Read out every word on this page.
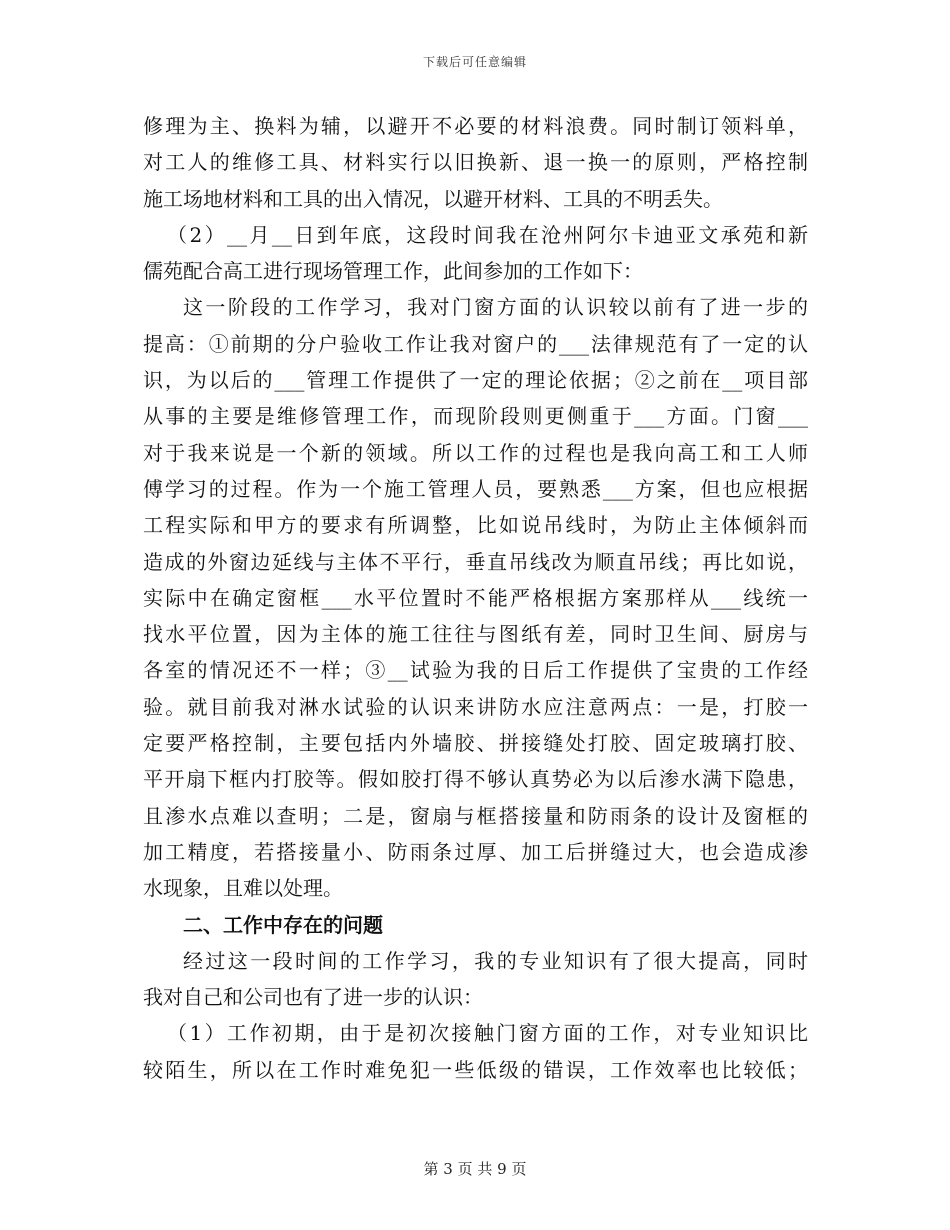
下载后可任意编辑
修理为主、换料为辅，以避开不必要的材料浪费。同时制订领料单，
对工人的维修工具、材料实行以旧换新、退一换一的原则，严格控制
施工场地材料和工具的出入情况，以避开材料、工具的不明丢失。
（2）__月__日到年底，这段时间我在沧州阿尔卡迪亚文承苑和新
儒苑配合高工进行现场管理工作，此间参加的工作如下：
这一阶段的工作学习，我对门窗方面的认识较以前有了进一步的
提高：①前期的分户验收工作让我对窗户的___法律规范有了一定的认
识，为以后的___管理工作提供了一定的理论依据；②之前在__项目部
从事的主要是维修管理工作，而现阶段则更侧重于___方面。门窗___
对于我来说是一个新的领域。所以工作的过程也是我向高工和工人师
傅学习的过程。作为一个施工管理人员，要熟悉___方案，但也应根据
工程实际和甲方的要求有所调整，比如说吊线时，为防止主体倾斜而
造成的外窗边延线与主体不平行，垂直吊线改为顺直吊线；再比如说，
实际中在确定窗框___水平位置时不能严格根据方案那样从___线统一
找水平位置，因为主体的施工往往与图纸有差，同时卫生间、厨房与
各室的情况还不一样；③__试验为我的日后工作提供了宝贵的工作经
验。就目前我对淋水试验的认识来讲防水应注意两点：一是，打胶一
定要严格控制，主要包括内外墙胶、拼接缝处打胶、固定玻璃打胶、
平开扇下框内打胶等。假如胶打得不够认真势必为以后渗水满下隐患，
且渗水点难以查明；二是，窗扇与框搭接量和防雨条的设计及窗框的
加工精度，若搭接量小、防雨条过厚、加工后拼缝过大，也会造成渗
水现象，且难以处理。
二、工作中存在的问题
经过这一段时间的工作学习，我的专业知识有了很大提高，同时
我对自己和公司也有了进一步的认识：
（1）工作初期，由于是初次接触门窗方面的工作，对专业知识比
较陌生，所以在工作时难免犯一些低级的错误，工作效率也比较低；
第 3 页 共 9 页
